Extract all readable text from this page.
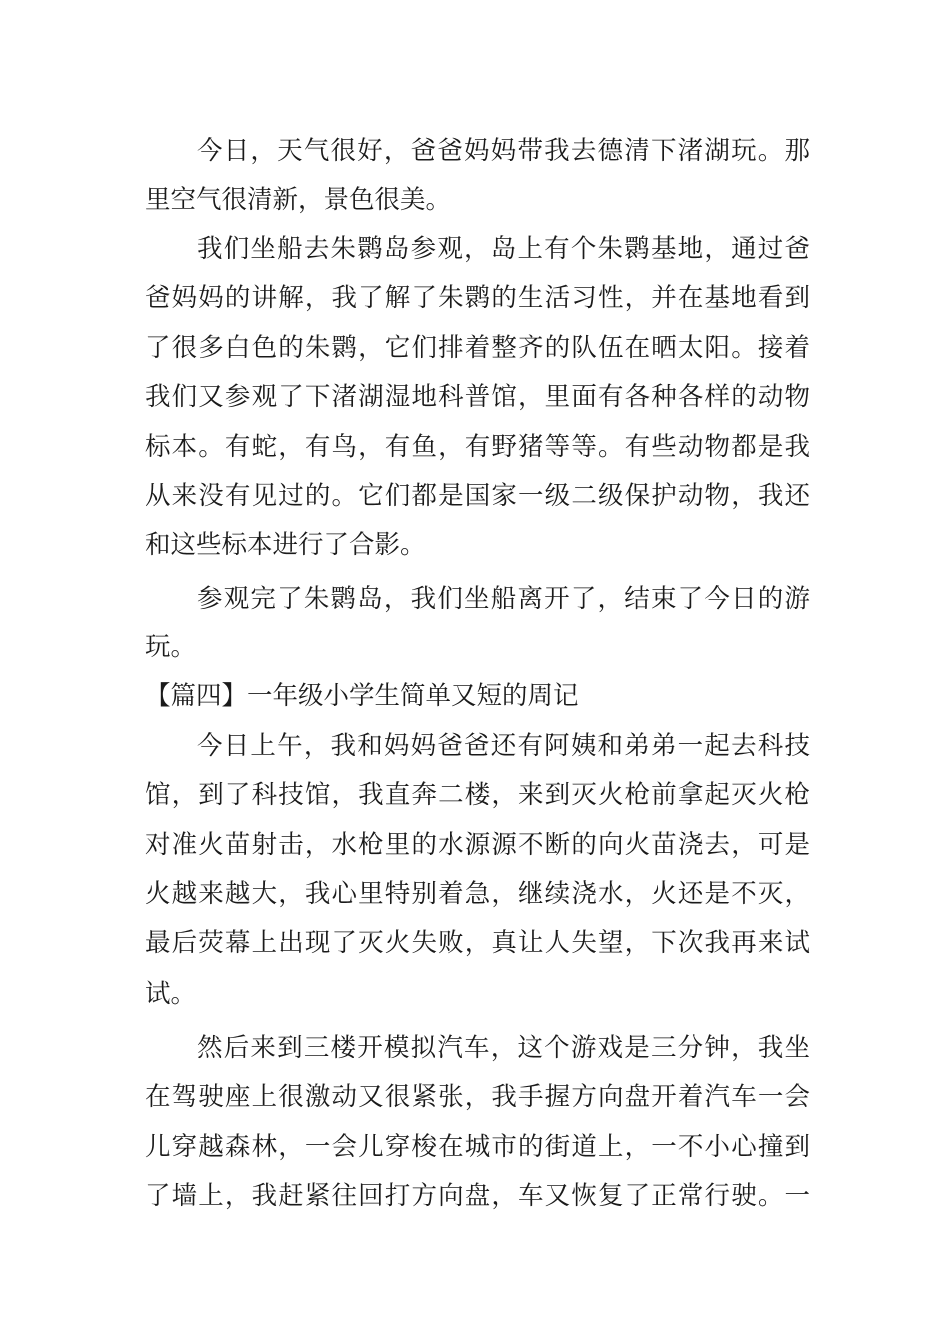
今日，天气很好，爸爸妈妈带我去德清下渚湖玩。那
里空气很清新，景色很美。
我们坐船去朱鹮岛参观，岛上有个朱鹮基地，通过爸
爸妈妈的讲解，我了解了朱鹮的生活习性，并在基地看到
了很多白色的朱鹮，它们排着整齐的队伍在晒太阳。接着
我们又参观了下渚湖湿地科普馆，里面有各种各样的动物
标本。有蛇，有鸟，有鱼，有野猪等等。有些动物都是我
从来没有见过的。它们都是国家一级二级保护动物，我还
和这些标本进行了合影。
参观完了朱鹮岛，我们坐船离开了，结束了今日的游
玩。
【篇四】一年级小学生简单又短的周记
今日上午，我和妈妈爸爸还有阿姨和弟弟一起去科技
馆，到了科技馆，我直奔二楼，来到灭火枪前拿起灭火枪
对准火苗射击，水枪里的水源源不断的向火苗浇去，可是
火越来越大，我心里特别着急，继续浇水，火还是不灭，
最后荧幕上出现了灭火失败，真让人失望，下次我再来试
试。
然后来到三楼开模拟汽车，这个游戏是三分钟，我坐
在驾驶座上很激动又很紧张，我手握方向盘开着汽车一会
儿穿越森林，一会儿穿梭在城市的街道上，一不小心撞到
了墙上，我赶紧往回打方向盘，车又恢复了正常行驶。一
